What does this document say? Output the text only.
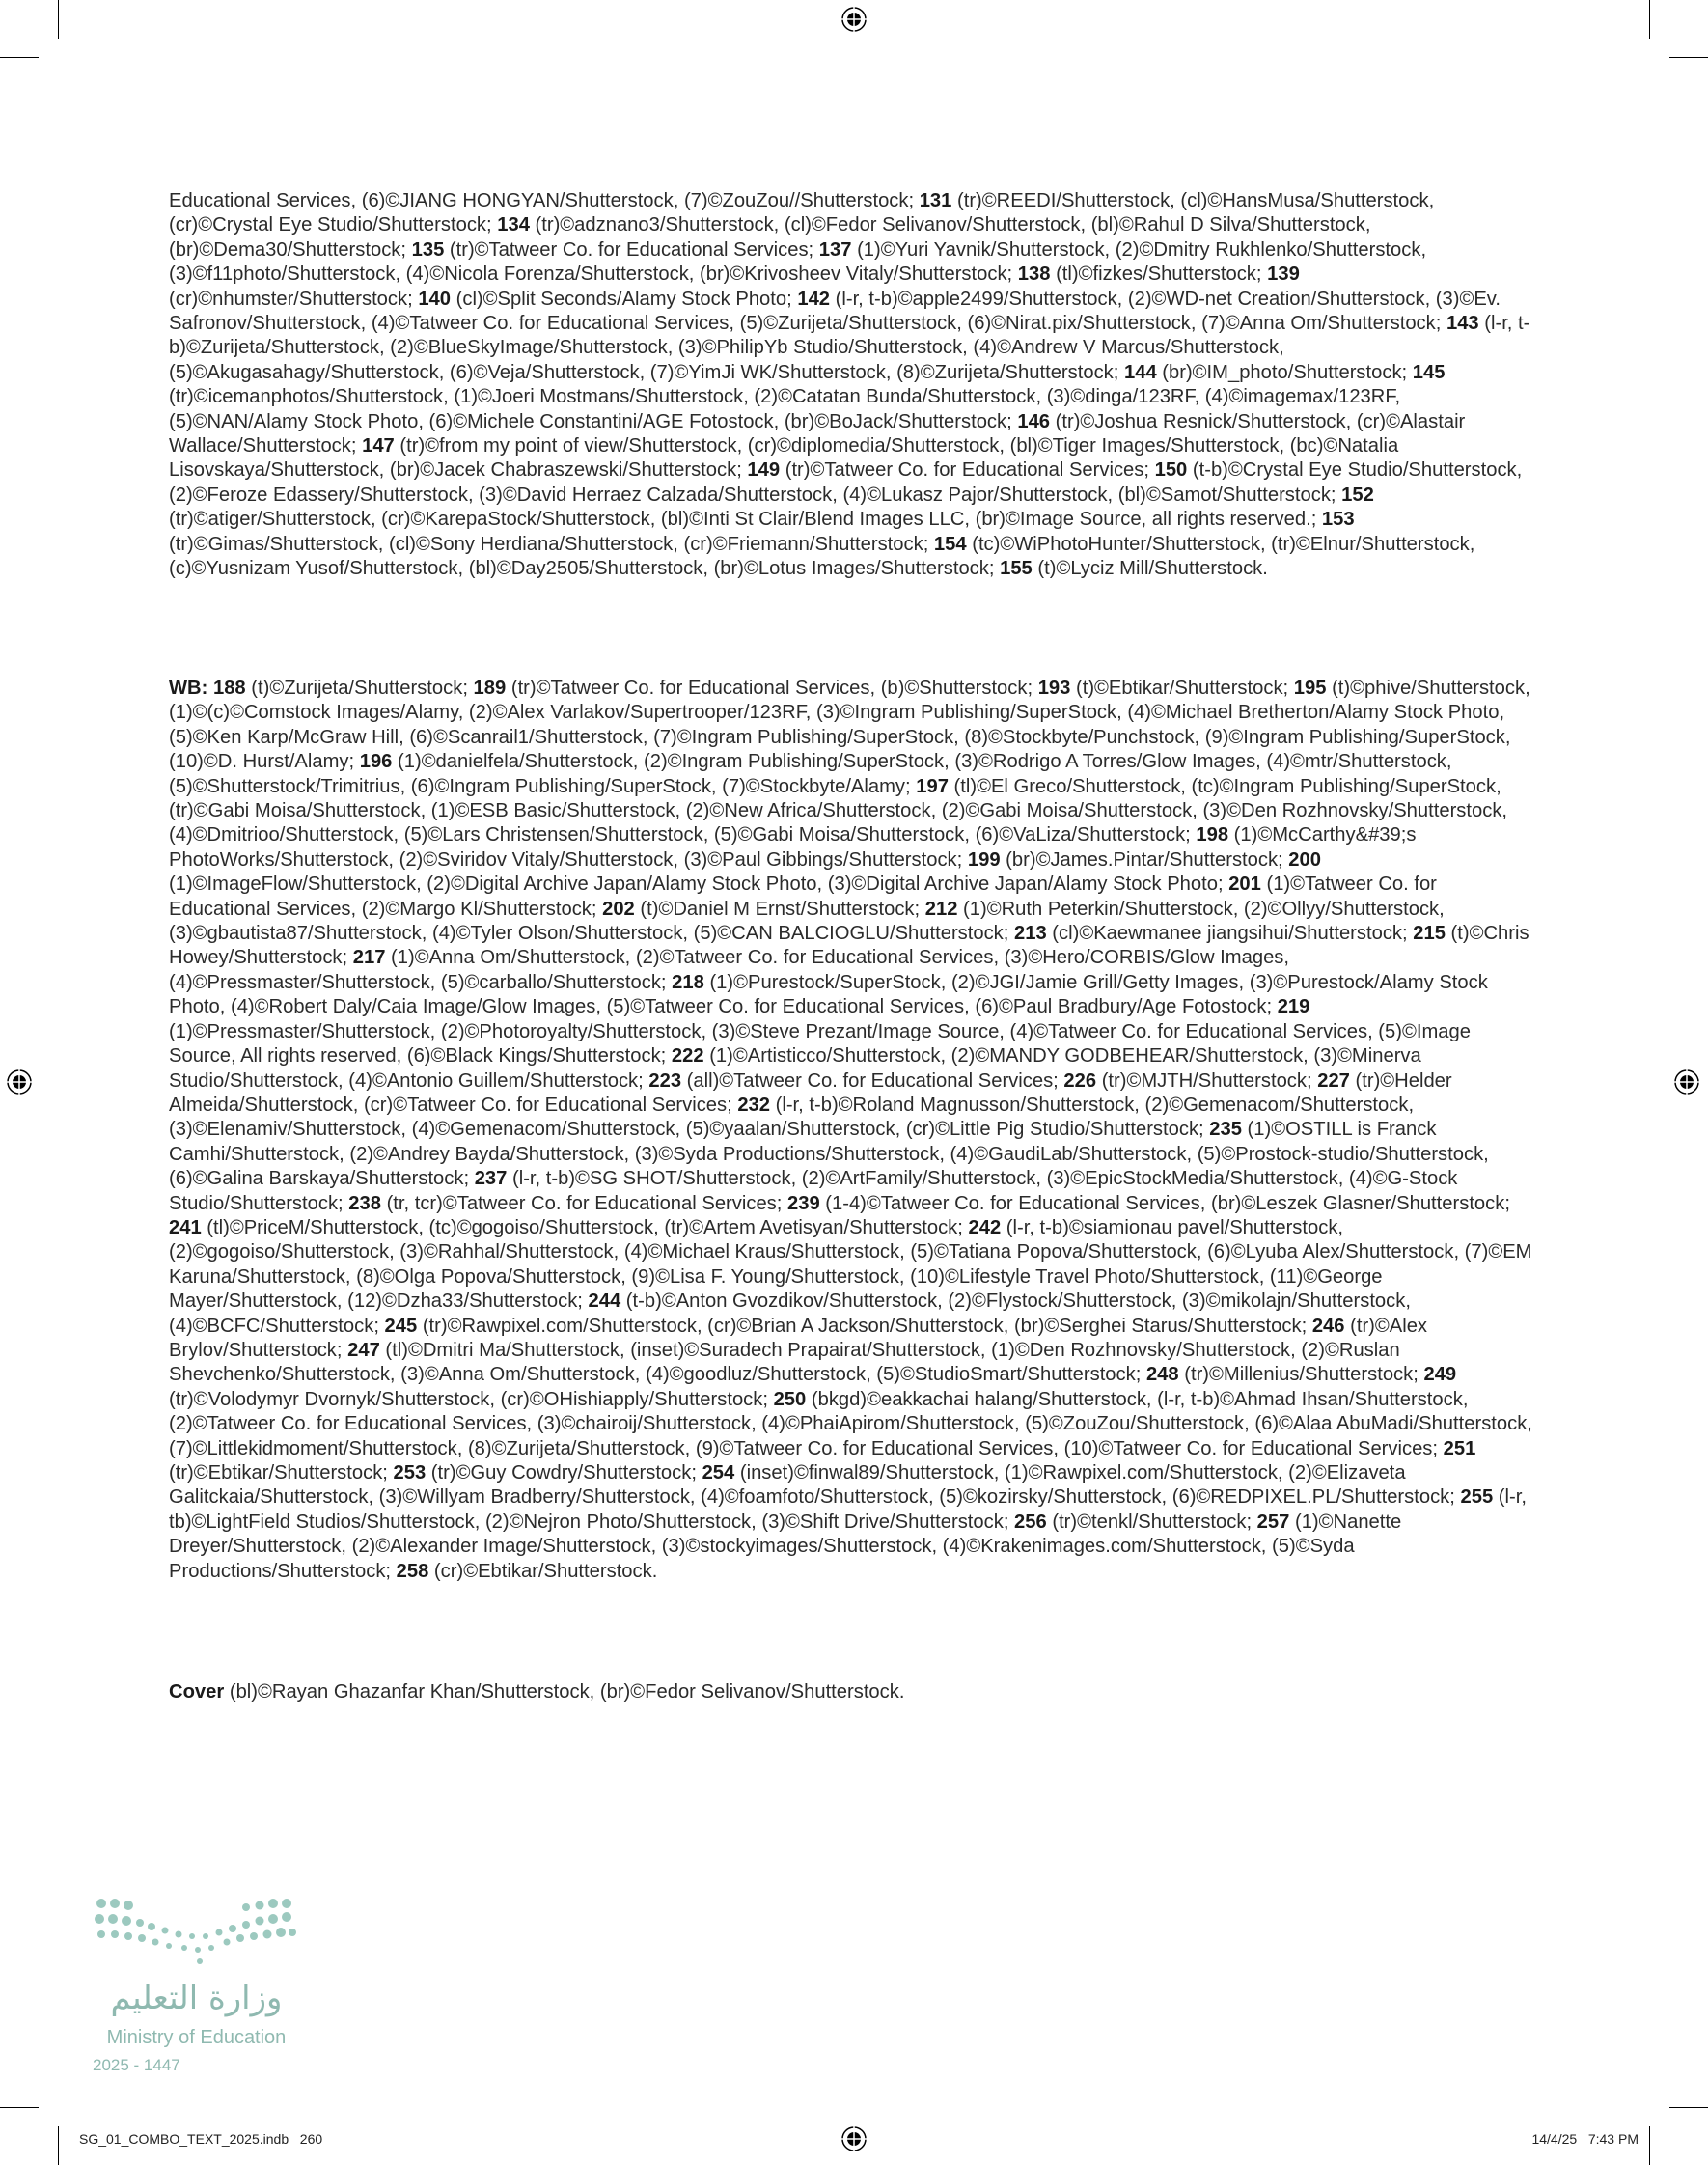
Educational Services, (6)©JIANG HONGYAN/Shutterstock, (7)©ZouZou//Shutterstock; 131 (tr)©REEDI/Shutterstock, (cl)©HansMusa/Shutterstock, (cr)©Crystal Eye Studio/Shutterstock; 134 (tr)©adznano3/Shutterstock, (cl)©Fedor Selivanov/Shutterstock, (bl)©Rahul D Silva/Shutterstock, (br)©Dema30/Shutterstock; 135 (tr)©Tatweer Co. for Educational Services; 137 (1)©Yuri Yavnik/Shutterstock, (2)©Dmitry Rukhlenko/Shutterstock, (3)©f11photo/Shutterstock, (4)©Nicola Forenza/Shutterstock, (br)©Krivosheev Vitaly/Shutterstock; 138 (tl)©fizkes/Shutterstock; 139 (cr)©nhumster/Shutterstock; 140 (cl)©Split Seconds/Alamy Stock Photo; 142 (l-r, t-b)©apple2499/Shutterstock, (2)©WD-net Creation/Shutterstock, (3)©Ev. Safronov/Shutterstock, (4)©Tatweer Co. for Educational Services, (5)©Zurijeta/Shutterstock, (6)©Nirat.pix/Shutterstock, (7)©Anna Om/Shutterstock; 143 (l-r, t-b)©Zurijeta/Shutterstock, (2)©BlueSkyImage/Shutterstock, (3)©PhilipYb Studio/Shutterstock, (4)©Andrew V Marcus/Shutterstock, (5)©Akugasahagy/Shutterstock, (6)©Veja/Shutterstock, (7)©YimJi WK/Shutterstock, (8)©Zurijeta/Shutterstock; 144 (br)©IM_photo/Shutterstock; 145 (tr)©icemanphotos/Shutterstock, (1)©Joeri Mostmans/Shutterstock, (2)©Catatan Bunda/Shutterstock, (3)©dinga/123RF, (4)©imagemax/123RF, (5)©NAN/Alamy Stock Photo, (6)©Michele Constantini/AGE Fotostock, (br)©BoJack/Shutterstock; 146 (tr)©Joshua Resnick/Shutterstock, (cr)©Alastair Wallace/Shutterstock; 147 (tr)©from my point of view/Shutterstock, (cr)©diplomedia/Shutterstock, (bl)©Tiger Images/Shutterstock, (bc)©Natalia Lisovskaya/Shutterstock, (br)©Jacek Chabraszewski/Shutterstock; 149 (tr)©Tatweer Co. for Educational Services; 150 (t-b)©Crystal Eye Studio/Shutterstock, (2)©Feroze Edassery/Shutterstock, (3)©David Herraez Calzada/Shutterstock, (4)©Lukasz Pajor/Shutterstock, (bl)©Samot/Shutterstock; 152 (tr)©atiger/Shutterstock, (cr)©KarepaStock/Shutterstock, (bl)©Inti St Clair/Blend Images LLC, (br)©Image Source, all rights reserved.; 153 (tr)©Gimas/Shutterstock, (cl)©Sony Herdiana/Shutterstock, (cr)©Friemann/Shutterstock; 154 (tc)©WiPhotoHunter/Shutterstock, (tr)©Elnur/Shutterstock, (c)©Yusnizam Yusof/Shutterstock, (bl)©Day2505/Shutterstock, (br)©Lotus Images/Shutterstock; 155 (t)©Lyciz Mill/Shutterstock.

WB: 188 (t)©Zurijeta/Shutterstock; 189 (tr)©Tatweer Co. for Educational Services, (b)©Shutterstock; 193 (t)©Ebtikar/Shutterstock; 195 (t)©phive/Shutterstock, (1)©(c)©Comstock Images/Alamy, (2)©Alex Varlakov/Supertrooper/123RF, (3)©Ingram Publishing/SuperStock, (4)©Michael Bretherton/Alamy Stock Photo, (5)©Ken Karp/McGraw Hill, (6)©Scanrail1/Shutterstock, (7)©Ingram Publishing/SuperStock, (8)©Stockbyte/Punchstock, (9)©Ingram Publishing/SuperStock, (10)©D. Hurst/Alamy; 196 (1)©danielfela/Shutterstock, (2)©Ingram Publishing/SuperStock, (3)©Rodrigo A Torres/Glow Images, (4)©mtr/Shutterstock, (5)©Shutterstock/Trimitrius, (6)©Ingram Publishing/SuperStock, (7)©Stockbyte/Alamy; 197 (tl)©El Greco/Shutterstock, (tc)©Ingram Publishing/SuperStock, (tr)©Gabi Moisa/Shutterstock, (1)©ESB Basic/Shutterstock, (2)©New Africa/Shutterstock, (2)©Gabi Moisa/Shutterstock, (3)©Den Rozhnovsky/Shutterstock, (4)©Dmitrioo/Shutterstock, (5)©Lars Christensen/Shutterstock, (5)©Gabi Moisa/Shutterstock, (6)©VaLiza/Shutterstock; 198 (1)©McCarthy&#39;s PhotoWorks/Shutterstock, (2)©Sviridov Vitaly/Shutterstock, (3)©Paul Gibbings/Shutterstock; 199 (br)©James.Pintar/Shutterstock; 200 (1)©ImageFlow/Shutterstock, (2)©Digital Archive Japan/Alamy Stock Photo, (3)©Digital Archive Japan/Alamy Stock Photo; 201 (1)©Tatweer Co. for Educational Services, (2)©Margo Kl/Shutterstock; 202 (t)©Daniel M Ernst/Shutterstock; 212 (1)©Ruth Peterkin/Shutterstock, (2)©Ollyy/Shutterstock, (3)©gbautista87/Shutterstock, (4)©Tyler Olson/Shutterstock, (5)©CAN BALCIOGLU/Shutterstock; 213 (cl)©Kaewmanee jiangsihui/Shutterstock; 215 (t)©Chris Howey/Shutterstock; 217 (1)©Anna Om/Shutterstock, (2)©Tatweer Co. for Educational Services, (3)©Hero/CORBIS/Glow Images, (4)©Pressmaster/Shutterstock, (5)©carballo/Shutterstock; 218 (1)©Purestock/SuperStock, (2)©JGI/Jamie Grill/Getty Images, (3)©Purestock/Alamy Stock Photo, (4)©Robert Daly/Caia Image/Glow Images, (5)©Tatweer Co. for Educational Services, (6)©Paul Bradbury/Age Fotostock; 219 (1)©Pressmaster/Shutterstock, (2)©Photoroyalty/Shutterstock, (3)©Steve Prezant/Image Source, (4)©Tatweer Co. for Educational Services, (5)©Image Source, All rights reserved, (6)©Black Kings/Shutterstock; 222 (1)©Artisticco/Shutterstock, (2)©MANDY GODBEHEAR/Shutterstock, (3)©Minerva Studio/Shutterstock, (4)©Antonio Guillem/Shutterstock; 223 (all)©Tatweer Co. for Educational Services; 226 (tr)©MJTH/Shutterstock; 227 (tr)©Helder Almeida/Shutterstock, (cr)©Tatweer Co. for Educational Services; 232 (l-r, t-b)©Roland Magnusson/Shutterstock, (2)©Gemenacom/Shutterstock, (3)©Elenamiv/Shutterstock, (4)©Gemenacom/Shutterstock, (5)©yaalan/Shutterstock, (cr)©Little Pig Studio/Shutterstock; 235 (1)©OSTILL is Franck Camhi/Shutterstock, (2)©Andrey Bayda/Shutterstock, (3)©Syda Productions/Shutterstock, (4)©GaudiLab/Shutterstock, (5)©Prostock-studio/Shutterstock, (6)©Galina Barskaya/Shutterstock; 237 (l-r, t-b)©SG SHOT/Shutterstock, (2)©ArtFamily/Shutterstock, (3)©EpicStockMedia/Shutterstock, (4)©G-Stock Studio/Shutterstock; 238 (tr, tcr)©Tatweer Co. for Educational Services; 239 (1-4)©Tatweer Co. for Educational Services, (br)©Leszek Glasner/Shutterstock; 241 (tl)©PriceM/Shutterstock, (tc)©gogoiso/Shutterstock, (tr)©Artem Avetisyan/Shutterstock; 242 (l-r, t-b)©siamionau pavel/Shutterstock, (2)©gogoiso/Shutterstock, (3)©Rahhal/Shutterstock, (4)©Michael Kraus/Shutterstock, (5)©Tatiana Popova/Shutterstock, (6)©Lyuba Alex/Shutterstock, (7)©EM Karuna/Shutterstock, (8)©Olga Popova/Shutterstock, (9)©Lisa F. Young/Shutterstock, (10)©Lifestyle Travel Photo/Shutterstock, (11)©George Mayer/Shutterstock, (12)©Dzha33/Shutterstock; 244 (t-b)©Anton Gvozdikov/Shutterstock, (2)©Flystock/Shutterstock, (3)©mikolajn/Shutterstock, (4)©BCFC/Shutterstock; 245 (tr)©Rawpixel.com/Shutterstock, (cr)©Brian A Jackson/Shutterstock, (br)©Serghei Starus/Shutterstock; 246 (tr)©Alex Brylov/Shutterstock; 247 (tl)©Dmitri Ma/Shutterstock, (inset)©Suradech Prapairat/Shutterstock, (1)©Den Rozhnovsky/Shutterstock, (2)©Ruslan Shevchenko/Shutterstock, (3)©Anna Om/Shutterstock, (4)©goodluz/Shutterstock, (5)©StudioSmart/Shutterstock; 248 (tr)©Millenius/Shutterstock; 249 (tr)©Volodymyr Dvornyk/Shutterstock, (cr)©OHishiapply/Shutterstock; 250 (bkgd)©eakkachai halang/Shutterstock, (l-r, t-b)©Ahmad Ihsan/Shutterstock, (2)©Tatweer Co. for Educational Services, (3)©chairoij/Shutterstock, (4)©PhaiApirom/Shutterstock, (5)©ZouZou/Shutterstock, (6)©Alaa AbuMadi/Shutterstock, (7)©Littlekidmoment/Shutterstock, (8)©Zurijeta/Shutterstock, (9)©Tatweer Co. for Educational Services, (10)©Tatweer Co. for Educational Services; 251 (tr)©Ebtikar/Shutterstock; 253 (tr)©Guy Cowdry/Shutterstock; 254 (inset)©finwal89/Shutterstock, (1)©Rawpixel.com/Shutterstock, (2)©Elizaveta Galitckaia/Shutterstock, (3)©Willyam Bradberry/Shutterstock, (4)©foamfoto/Shutterstock, (5)©kozirsky/Shutterstock, (6)©REDPIXEL.PL/Shutterstock; 255 (l-r, tb)©LightField Studios/Shutterstock, (2)©Nejron Photo/Shutterstock, (3)©Shift Drive/Shutterstock; 256 (tr)©tenkl/Shutterstock; 257 (1)©Nanette Dreyer/Shutterstock, (2)©Alexander Image/Shutterstock, (3)©stockyimages/Shutterstock, (4)©Krakenimages.com/Shutterstock, (5)©Syda Productions/Shutterstock; 258 (cr)©Ebtikar/Shutterstock.

Cover (bl)©Rayan Ghazanfar Khan/Shutterstock, (br)©Fedor Selivanov/Shutterstock.

وزارة التعليم
Ministry of Education
2025 - 1447
SG_01_COMBO_TEXT_2025.indb   260	14/4/25   7:43 PM
